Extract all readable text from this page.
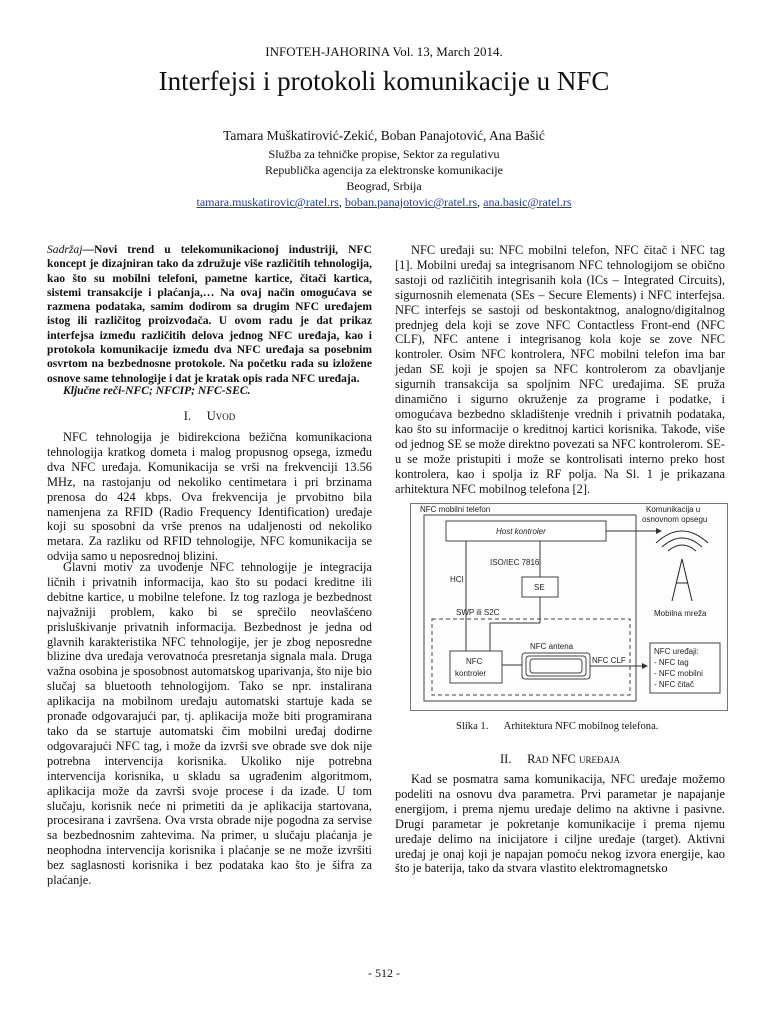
INFOTEH-JAHORINA Vol. 13, March 2014.
Interfejsi i protokoli komunikacije u NFC
Tamara Muškatirović-Zekić, Boban Panajotović, Ana Bašić
Služba za tehničke propise, Sektor za regulativu
Republička agencija za elektronske komunikacije
Beograd, Srbija
tamara.muskatirovic@ratel.rs, boban.panajotovic@ratel.rs, ana.basic@ratel.rs
Sadržaj—Novi trend u telekomunikacionoj industriji, NFC koncept je dizajniran tako da združuje više različitih tehnologija, kao što su mobilni telefoni, pametne kartice, čitači kartica, sistemi transakcije i plaćanja,… Na ovaj način omogućava se razmena podataka, samim dodirom sa drugim NFC uređajem istog ili različitog proizvođača. U ovom radu je dat prikaz interfejsa između različitih delova jednog NFC uređaja, kao i protokola komunikacije između dva NFC uređaja sa posebnim osvrtom na bezbednosne protokole. Na početku rada su izložene osnove same tehnologije i dat je kratak opis rada NFC uređaja.
Ključne reči-NFC; NFCIP; NFC-SEC.
I. Uvod

NFC tehnologija je bidirekciona bežična komunikaciona tehnologija kratkog dometa i malog propusnog opsega, između dva NFC uređaja. Komunikacija se vrši na frekvenciji 13.56 MHz, na rastojanju od nekoliko centimetara i pri brzinama prenosa do 424 kbps. Ova frekvencija je prvobitno bila namenjena za RFID (Radio Frequency Identification) uređaje koji su sposobni da vrše prenos na udaljenosti od nekoliko metara. Za razliku od RFID tehnologije, NFC komunikacija se odvija samo u neposrednoj blizini.

Glavni motiv za uvođenje NFC tehnologije je integracija ličnih i privatnih informacija, kao što su podaci kreditne ili debitne kartice, u mobilne telefone. Iz tog razloga je bezbednost najvažniji problem, kako bi se sprečilo neovlašćeno prisluškivanje privatnih informacija. Bezbednost je jedna od glavnih karakteristika NFC tehnologije, jer je zbog neposredne blizine dva uređaja verovatnoća presretanja signala mala. Druga važna osobina je sposobnost automatskog uparivanja, što nije bio slučaj sa bluetooth tehnologijom. Tako se npr. instalirana aplikacija na mobilnom uređaju automatski startuje kada se pronađe odgovarajući par, tj. aplikacija može biti programirana tako da se startuje automatski čim mobilni uređaj dodirne odgovarajući NFC tag, i može da izvrši sve obrade sve dok nije potrebna intervencija korisnika. Ukoliko nije potrebna intervencija korisnika, u skladu sa ugrađenim algoritmom, aplikacija može da završi svoje procese i da izađe. U tom slučaju, korisnik neće ni primetiti da je aplikacija startovana, procesirana i završena. Ova vrsta obrade nije pogodna za servise sa bezbednosnim zahtevima. Na primer, u slučaju plaćanja je neophodna intervencija korisnika i plaćanje se ne može izvršiti bez saglasnosti korisnika i bez podataka kao što je šifra za plaćanje.

NFC uređaji su: NFC mobilni telefon, NFC čitač i NFC tag [1]. Mobilni uređaj sa integrisanom NFC tehnologijom se obično sastoji od različitih integrisanih kola (ICs – Integrated Circuits), sigurnosnih elemenata (SEs – Secure Elements) i NFC interfejsa. NFC interfejs se sastoji od beskontaktnog, analogno/digitalnog prednjeg dela koji se zove NFC Contactless Front-end (NFC CLF), NFC antene i integrisanog kola koje se zove NFC kontroler. Osim NFC kontrolera, NFC mobilni telefon ima bar jedan SE koji je spojen sa NFC kontrolerom za obavljanje sigurnih transakcija sa spoljnim NFC uređajima. SE pruža dinamično i sigurno okruženje za programe i podatke, i omogućava bezbedno skladištenje vrednih i privatnih podataka, kao što su informacije o kreditnoj kartici korisnika. Takođe, više od jednog SE se može direktno povezati sa NFC kontrolerom. SE-u se može pristupiti i može se kontrolisati interno preko host kontrolera, kao i spolja iz RF polja. Na Sl. 1 je prikazana arhitektura NFC mobilnog telefona [2].

NFC mobilni telefon
Host kontroler
ISO/IEC 7816
SE
HCI
SWP ili S2C
NFC antena
NFC
kontroler
NFC CLF
Komunikacija u
osnovnom opsegu
Mobilna mreža
NFC uređaji:
- NFC tag
- NFC mobilni
- NFC čitač
Slika 1.      Arhitektura NFC mobilnog telefona.
II. Rad NFC uređaja

Kad se posmatra sama komunikacija, NFC uređaje možemo podeliti na osnovu dva parametra. Prvi parametar je napajanje energijom, i prema njemu uređaje delimo na aktivne i pasivne. Drugi parametar je pokretanje komunikacije i prema njemu uređaje delimo na inicijatore i ciljne uređaje (target). Aktivni uređaj je onaj koji je napajan pomoću nekog izvora energije, kao što je baterija, tako da stvara vlastito elektromagnetsko

- 512 -
